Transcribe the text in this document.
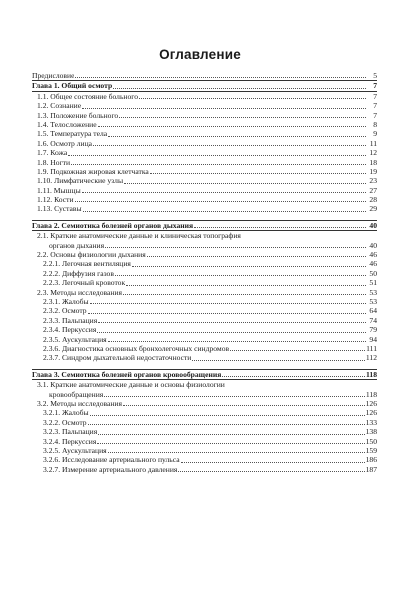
Оглавление
Предисловие	5
Глава 1. Общий осмотр	7
1.1. Общее состояние больного	7
1.2. Сознание	7
1.3. Положение больного	7
1.4. Телосложение	8
1.5. Температура тела	9
1.6. Осмотр лица	11
1.7. Кожа	12
1.8. Ногти	18
1.9. Подкожная жировая клетчатка	19
1.10. Лимфатические узлы	23
1.11. Мышцы	27
1.12. Кости	28
1.13. Суставы	29
Глава 2. Семиотика болезней органов дыхания	40
2.1. Краткие анатомические данные и клиническая топография
органов дыхания	40
2.2. Основы физиологии дыхания	46
2.2.1. Легочная вентиляция	46
2.2.2. Диффузия газов	50
2.2.3. Легочный кровоток	51
2.3. Методы исследования	53
2.3.1. Жалобы	53
2.3.2. Осмотр	64
2.3.3. Пальпация	74
2.3.4. Перкуссия	79
2.3.5. Аускультация	94
2.3.6. Диагностика основных бронхолегочных синдромов	111
2.3.7. Синдром дыхательной недостаточности	112
Глава 3. Семиотика болезней органов кровообращения	118
3.1. Краткие анатомические данные и основы физиологии
кровообращения	118
3.2. Методы исследования	126
3.2.1. Жалобы	126
3.2.2. Осмотр	133
3.2.3. Пальпация	138
3.2.4. Перкуссия	150
3.2.5. Аускультация	159
3.2.6. Исследование артериального пульса	186
3.2.7. Измерение артериального давления	187
